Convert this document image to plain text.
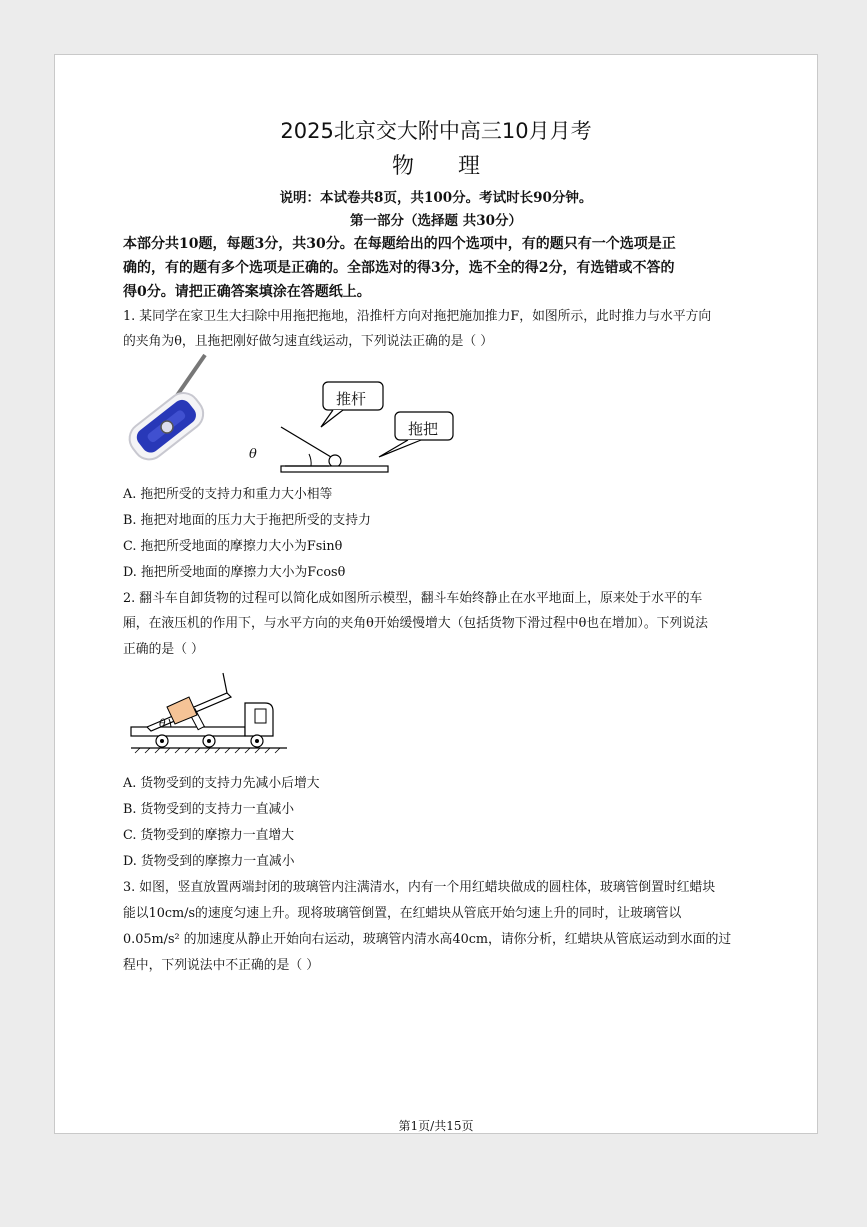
2025北京交大附中高三10月月考
物理
说明：本试卷共8页，共100分。考试时长90分钟。
第一部分（选择题 共30分）
本部分共10题，每题3分，共30分。在每题给出的四个选项中，有的题只有一个选项是正
确的，有的题有多个选项是正确的。全部选对的得3分，选不全的得2分，有选错或不答的
得0分。请把正确答案填涂在答题纸上。
1. 某同学在家卫生大扫除中用拖把拖地，沿推杆方向对拖把施加推力F，如图所示，此时推力与水平方向
的夹角为θ，且拖把刚好做匀速直线运动，下列说法正确的是（ ）
推杆
拖把
θ
A. 拖把所受的支持力和重力大小相等
B. 拖把对地面的压力大于拖把所受的支持力
C. 拖把所受地面的摩擦力大小为Fsinθ
D. 拖把所受地面的摩擦力大小为Fcosθ
2. 翻斗车自卸货物的过程可以简化成如图所示模型，翻斗车始终静止在水平地面上，原来处于水平的车
厢，在液压机的作用下，与水平方向的夹角θ开始缓慢增大（包括货物下滑过程中θ也在增加）。下列说法
正确的是（ ）
θ
A. 货物受到的支持力先减小后增大
B. 货物受到的支持力一直减小
C. 货物受到的摩擦力一直增大
D. 货物受到的摩擦力一直减小
3. 如图，竖直放置两端封闭的玻璃管内注满清水，内有一个用红蜡块做成的圆柱体，玻璃管倒置时红蜡块
能以10cm/s的速度匀速上升。现将玻璃管倒置，在红蜡块从管底开始匀速上升的同时，让玻璃管以
0.05m/s² 的加速度从静止开始向右运动，玻璃管内清水高40cm，请你分析，红蜡块从管底运动到水面的过
程中，下列说法中不正确的是（ ）
第1页/共15页
